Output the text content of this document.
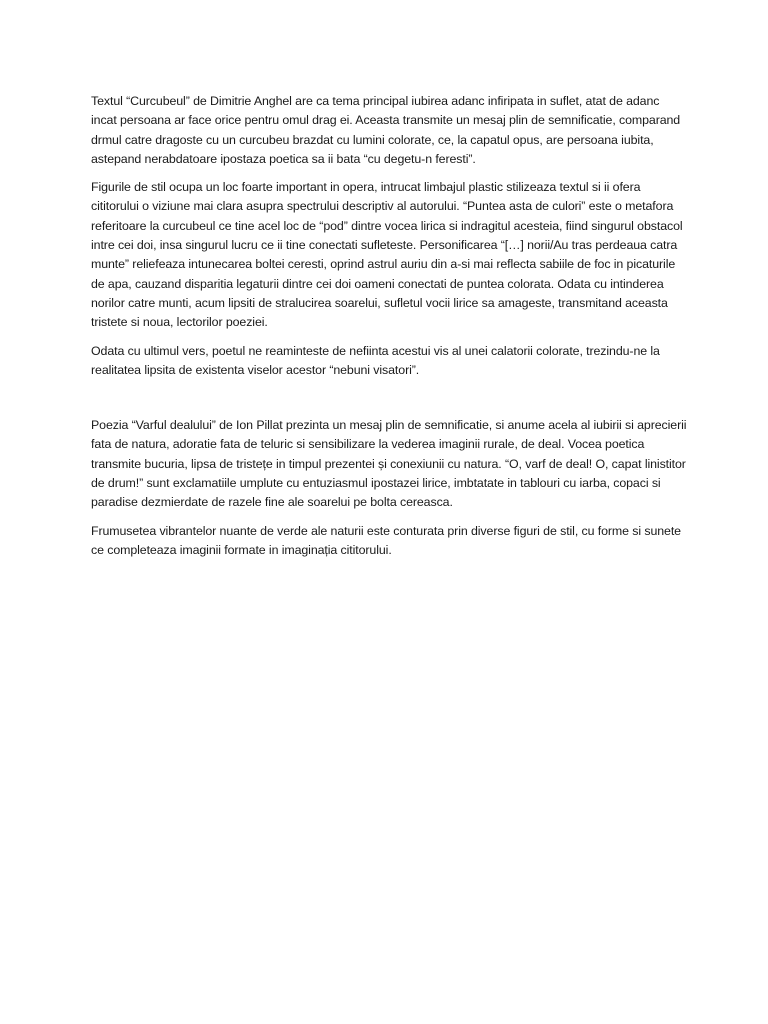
Textul “Curcubeul” de Dimitrie Anghel are ca tema principal iubirea adanc infiripata in suflet, atat de adanc incat persoana ar face orice pentru omul drag ei. Aceasta transmite un mesaj plin de semnificatie, comparand drmul catre dragoste cu un curcubeu brazdat cu lumini colorate, ce, la capatul opus, are persoana iubita, astepand nerabdatoare ipostaza poetica sa ii bata “cu degetu-n feresti”.

Figurile de stil ocupa un loc foarte important in opera, intrucat limbajul plastic stilizeaza textul si ii ofera cititorului o viziune mai clara asupra spectrului descriptiv al autorului. “Puntea asta de culori” este o metafora referitoare la curcubeul ce tine acel loc de “pod” dintre vocea lirica si indragitul acesteia, fiind singurul obstacol intre cei doi, insa singurul lucru ce ii tine conectati sufleteste. Personificarea “[…] norii/Au tras perdeaua catra munte” reliefeaza intunecarea boltei ceresti, oprind astrul auriu din a-si mai reflecta sabiile de foc in picaturile de apa, cauzand disparitia legaturii dintre cei doi oameni conectati de puntea colorata. Odata cu intinderea norilor catre munti, acum lipsiti de stralucirea soarelui, sufletul vocii lirice sa amageste, transmitand aceasta tristete si noua, lectorilor poeziei.

Odata cu ultimul vers, poetul ne reaminteste de nefiinta acestui vis al unei calatorii colorate, trezindu-ne la realitatea lipsita de existenta viselor acestor “nebuni visatori”.

Poezia “Varful dealului” de Ion Pillat prezinta un mesaj plin de semnificatie, si anume acela al iubirii si aprecierii fata de natura, adoratie fata de teluric si sensibilizare la vederea imaginii rurale, de deal. Vocea poetica transmite bucuria, lipsa de tristețe in timpul prezentei și conexiunii cu natura. “O, varf de deal! O, capat linistitor de drum!” sunt exclamatiile umplute cu entuziasmul ipostazei lirice, imbtatate in tablouri cu iarba, copaci si paradise dezmierdate de razele fine ale soarelui pe bolta cereasca.

Frumusetea vibrantelor nuante de verde ale naturii este conturata prin diverse figuri de stil, cu forme si sunete ce completeaza imaginii formate in imaginația cititorului.
